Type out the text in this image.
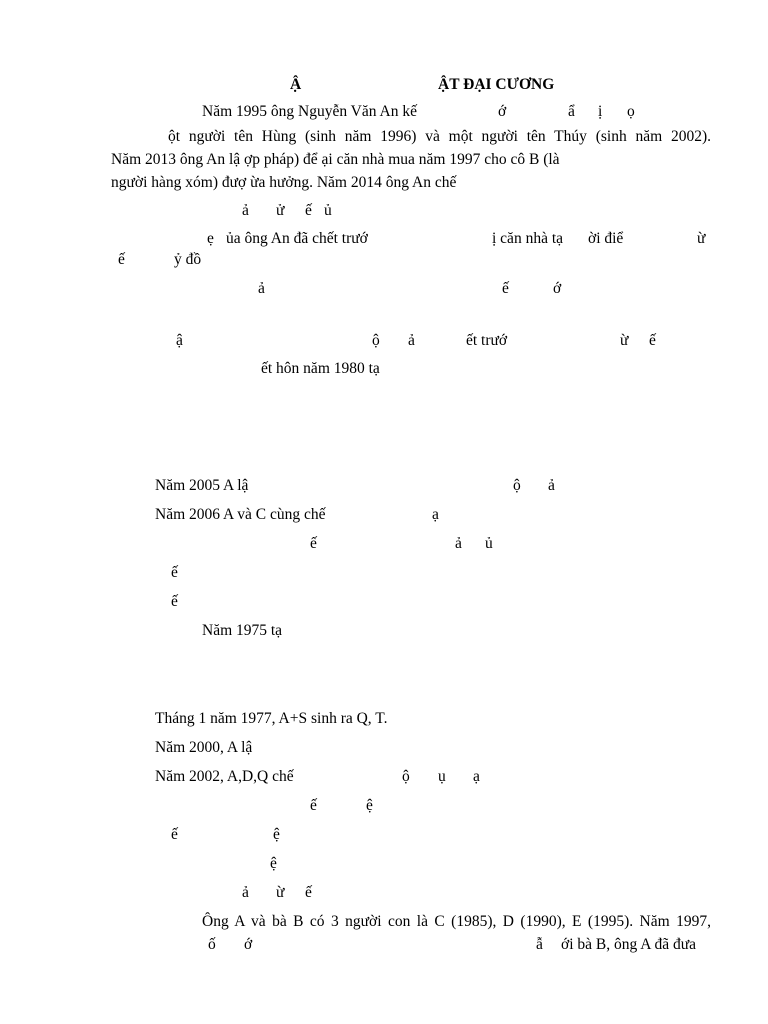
Ậ	ẬT ĐẠI CƯƠNG
Năm 1995 ông Nguyễn Văn An kế	ớ	ẩ ị ọ
ột người tên Hùng (sinh năm 1996) và một người tên Thúy (sinh năm 2002).
Năm 2013 ông An lậ ợp pháp) để ại căn nhà mua năm 1997 cho cô B (là
người hàng xóm) đượ ừa hưởng. Năm 2014 ông An chế
ả ử ế ủ
ẹ ủa ông An đã chết trướ	ị căn nhà tạ ời điể	ừ
ế	ỷ đồ
ả	ế	ớ
ậ	ộ ả	ết trướ	ừ ế
ết hôn năm 1980 tạ
Năm 2005 A lậ	ộ ả
Năm 2006 A và C cùng chế	ạ
ế	ả ủ
ế
ế
Năm 1975 tạ
Tháng 1 năm 1977, A+S sinh ra Q, T.
Năm 2000, A lậ
Năm 2002, A,D,Q chế	ộ ụ ạ
ế	ệ
ế	ệ
ệ
ả ừ ế
Ông A và bà B có 3 người con là C (1985), D (1990), E (1995). Năm 1997,
ố ớ	ẫ ới bà B, ông A đã đưa
